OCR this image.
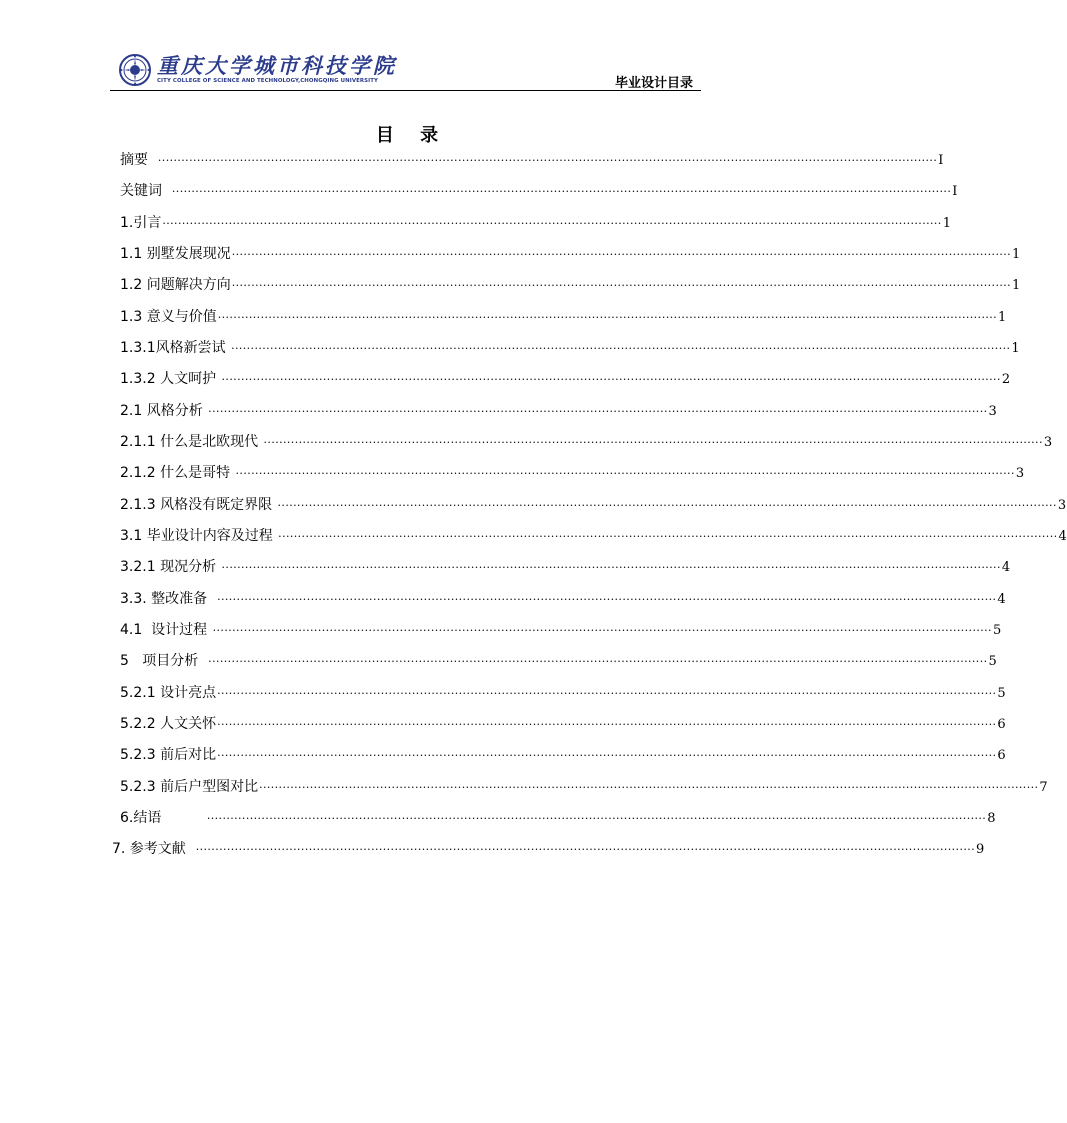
重庆大学城市科技学院
CITY COLLEGE OF SCIENCE AND TECHNOLOGY,CHONGQING UNIVERSITY	毕业设计目录
目 录
摘要 ········································································································································································································ I
关键词 ········································································································································································································ I
1.引言 ········································································································································································································ 1
1.1 别墅发展现况 ········································································································································································································ 1
1.2 问题解决方向 ········································································································································································································ 1
1.3 意义与价值 ········································································································································································································ 1
1.3.1风格新尝试 ········································································································································································································ 1
1.3.2 人文呵护 ········································································································································································································ 2
2.1 风格分析 ········································································································································································································ 3
2.1.1 什么是北欧现代 ········································································································································································································ 3
2.1.2 什么是哥特 ········································································································································································································ 3
2.1.3 风格没有既定界限 ········································································································································································································ 3
3.1 毕业设计内容及过程 ········································································································································································································ 4
3.2.1 现况分析 ········································································································································································································ 4
3.3. 整改准备 ········································································································································································································ 4
4.1  设计过程 ········································································································································································································ 5
5   项目分析 ········································································································································································································ 5
5.2.1 设计亮点 ········································································································································································································ 5
5.2.2 人文关怀 ········································································································································································································ 6
5.2.3 前后对比 ········································································································································································································ 6
5.2.3 前后户型图对比 ········································································································································································································ 7
6.结语 ········································································································································································································ 8
7. 参考文献 ········································································································································································································ 9
